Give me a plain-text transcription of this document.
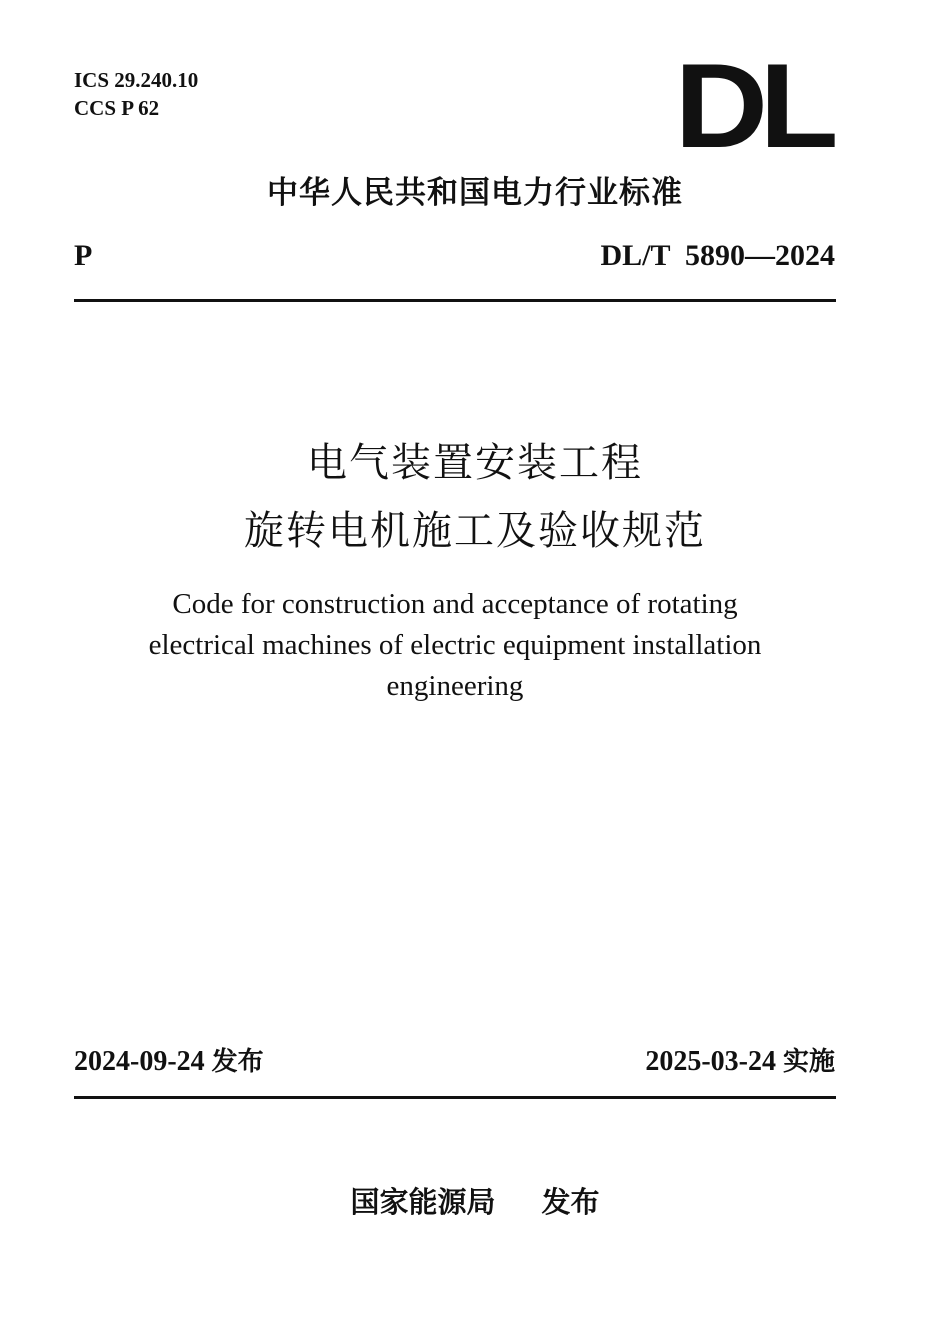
ICS 29.240.10
CCS P 62	DL
中华人民共和国电力行业标准
P	DL/T  5890—2024
电气装置安装工程
旋转电机施工及验收规范
Code for construction and acceptance of rotating
electrical machines of electric equipment installation
engineering
2024-09-24 发布	2025-03-24 实施
国家能源局 发布
